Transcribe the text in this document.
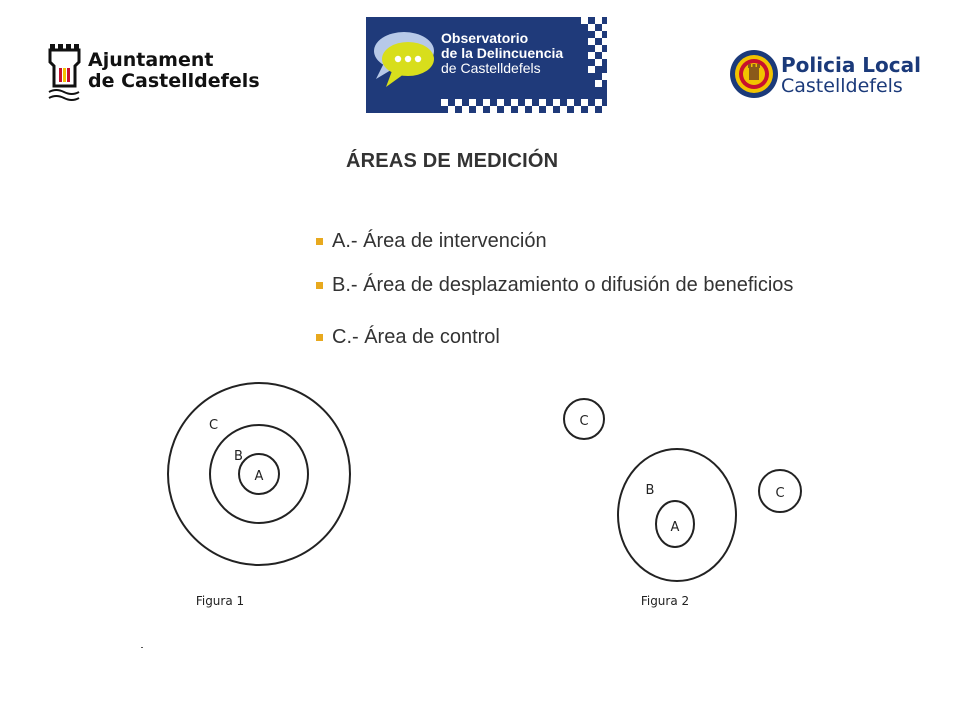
Ajuntament
de Castelldefels
Observatorio
de la Delincuencia
de Castelldefels	Policia Local
Castelldefels
ÁREAS DE MEDICIÓN
A.- Área de intervención
B.- Área de desplazamiento o difusión de beneficios
C.- Área de control
C
B
A
Figura 1
C
C
B
A
Figura 2
